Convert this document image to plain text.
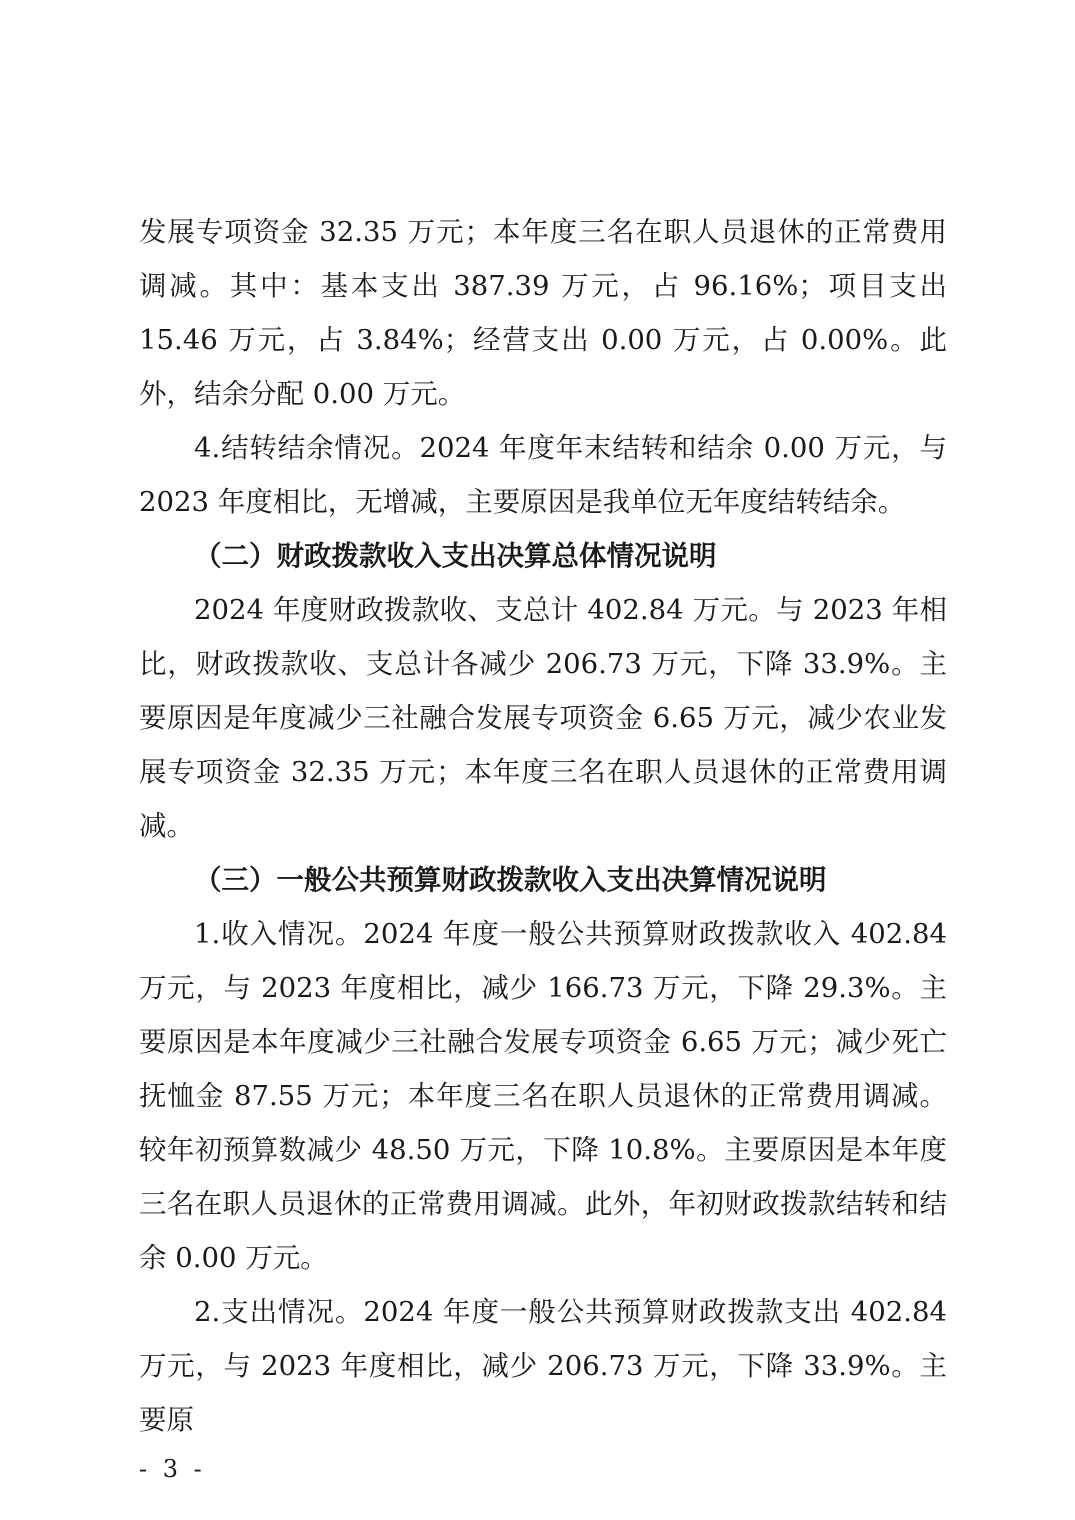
发展专项资金 32.35 万元；本年度三名在职人员退休的正常费用调减。其中：基本支出 387.39 万元，占 96.16%；项目支出 15.46 万元，占 3.84%；经营支出 0.00 万元，占 0.00%。此外，结余分配 0.00 万元。

4.结转结余情况。2024 年度年末结转和结余 0.00 万元，与 2023 年度相比，无增减，主要原因是我单位无年度结转结余。

（二）财政拨款收入支出决算总体情况说明

2024 年度财政拨款收、支总计 402.84 万元。与 2023 年相比，财政拨款收、支总计各减少 206.73 万元，下降 33.9%。主要原因是年度减少三社融合发展专项资金 6.65 万元，减少农业发展专项资金 32.35 万元；本年度三名在职人员退休的正常费用调减。

（三）一般公共预算财政拨款收入支出决算情况说明

1.收入情况。2024 年度一般公共预算财政拨款收入 402.84 万元，与 2023 年度相比，减少 166.73 万元，下降 29.3%。主要原因是本年度减少三社融合发展专项资金 6.65 万元；减少死亡抚恤金 87.55 万元；本年度三名在职人员退休的正常费用调减。较年初预算数减少 48.50 万元，下降 10.8%。主要原因是本年度三名在职人员退休的正常费用调减。此外，年初财政拨款结转和结余 0.00 万元。

2.支出情况。2024 年度一般公共预算财政拨款支出 402.84 万元，与 2023 年度相比，减少 206.73 万元，下降 33.9%。主要原

- 3 -
